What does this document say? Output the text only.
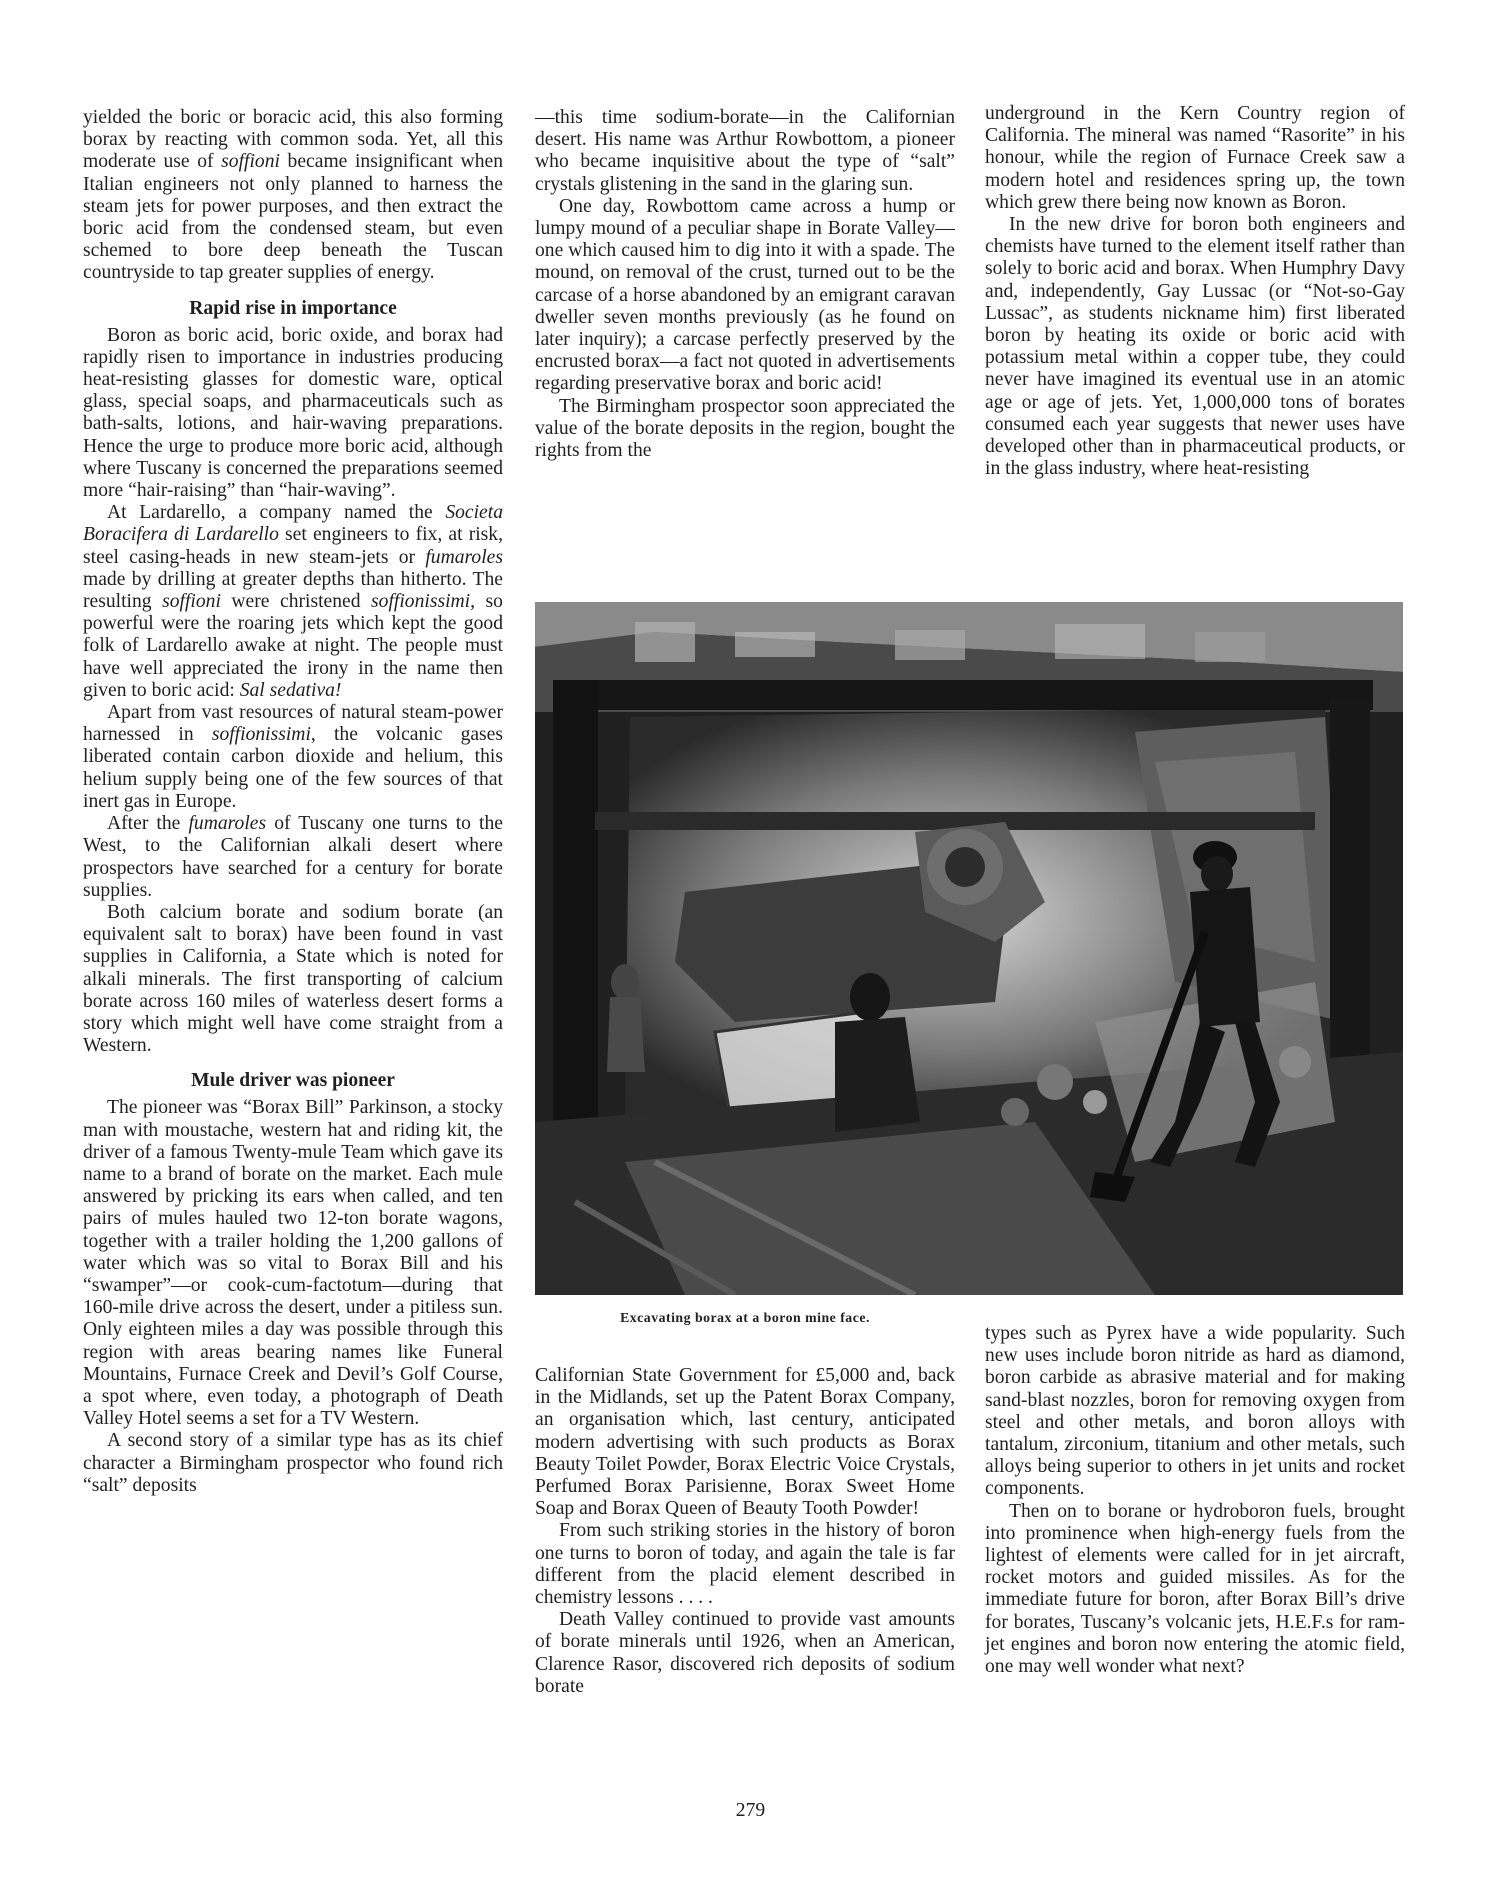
yielded the boric or boracic acid, this also forming borax by reacting with common soda. Yet, all this moderate use of soffioni became insignificant when Italian engineers not only planned to harness the steam jets for power purposes, and then extract the boric acid from the condensed steam, but even schemed to bore deep beneath the Tuscan countryside to tap greater supplies of energy.

Rapid rise in importance

Boron as boric acid, boric oxide, and borax had rapidly risen to importance in industries producing heat-resisting glasses for domestic ware, optical glass, special soaps, and pharmaceuticals such as bath-salts, lotions, and hair-waving preparations. Hence the urge to produce more boric acid, although where Tuscany is concerned the preparations seemed more “hair-raising” than “hair-waving”.

At Lardarello, a company named the Societa Boracifera di Lardarello set engineers to fix, at risk, steel casing-heads in new steam-jets or fumaroles made by drilling at greater depths than hitherto. The resulting soffioni were christened soffionissimi, so powerful were the roaring jets which kept the good folk of Lardarello awake at night. The people must have well appreciated the irony in the name then given to boric acid: Sal sedativa!

Apart from vast resources of natural steam-power harnessed in soffionissimi, the volcanic gases liberated contain carbon dioxide and helium, this helium supply being one of the few sources of that inert gas in Europe.

After the fumaroles of Tuscany one turns to the West, to the Californian alkali desert where prospectors have searched for a century for borate supplies.

Both calcium borate and sodium borate (an equivalent salt to borax) have been found in vast supplies in California, a State which is noted for alkali minerals. The first transporting of calcium borate across 160 miles of waterless desert forms a story which might well have come straight from a Western.

Mule driver was pioneer

The pioneer was “Borax Bill” Parkinson, a stocky man with moustache, western hat and riding kit, the driver of a famous Twenty-mule Team which gave its name to a brand of borate on the market. Each mule answered by pricking its ears when called, and ten pairs of mules hauled two 12-ton borate wagons, together with a trailer holding the 1,200 gallons of water which was so vital to Borax Bill and his “swamper”—or cook-cum-factotum—during that 160-mile drive across the desert, under a pitiless sun. Only eighteen miles a day was possible through this region with areas bearing names like Funeral Mountains, Furnace Creek and Devil’s Golf Course, a spot where, even today, a photograph of Death Valley Hotel seems a set for a TV Western.

A second story of a similar type has as its chief character a Birmingham prospector who found rich “salt” deposits

—this time sodium-borate—in the Californian desert. His name was Arthur Rowbottom, a pioneer who became inquisitive about the type of “salt” crystals glistening in the sand in the glaring sun.

One day, Rowbottom came across a hump or lumpy mound of a peculiar shape in Borate Valley—one which caused him to dig into it with a spade. The mound, on removal of the crust, turned out to be the carcase of a horse abandoned by an emigrant caravan dweller seven months previously (as he found on later inquiry); a carcase perfectly preserved by the encrusted borax—a fact not quoted in advertisements regarding preservative borax and boric acid!

The Birmingham prospector soon appreciated the value of the borate deposits in the region, bought the rights from the

underground in the Kern Country region of California. The mineral was named “Rasorite” in his honour, while the region of Furnace Creek saw a modern hotel and residences spring up, the town which grew there being now known as Boron.

In the new drive for boron both engineers and chemists have turned to the element itself rather than solely to boric acid and borax. When Humphry Davy and, independently, Gay Lussac (or “Not-so-Gay Lussac”, as students nickname him) first liberated boron by heating its oxide or boric acid with potassium metal within a copper tube, they could never have imagined its eventual use in an atomic age or age of jets. Yet, 1,000,000 tons of borates consumed each year suggests that newer uses have developed other than in pharmaceutical products, or in the glass industry, where heat-resisting

Excavating borax at a boron mine face.

Californian State Government for £5,000 and, back in the Midlands, set up the Patent Borax Company, an organisation which, last century, anticipated modern advertising with such products as Borax Beauty Toilet Powder, Borax Electric Voice Crystals, Perfumed Borax Parisienne, Borax Sweet Home Soap and Borax Queen of Beauty Tooth Powder!

From such striking stories in the history of boron one turns to boron of today, and again the tale is far different from the placid element described in chemistry lessons . . . .

Death Valley continued to provide vast amounts of borate minerals until 1926, when an American, Clarence Rasor, discovered rich deposits of sodium borate

types such as Pyrex have a wide popularity. Such new uses include boron nitride as hard as diamond, boron carbide as abrasive material and for making sand-blast nozzles, boron for removing oxygen from steel and other metals, and boron alloys with tantalum, zirconium, titanium and other metals, such alloys being superior to others in jet units and rocket components.

Then on to borane or hydroboron fuels, brought into prominence when high-energy fuels from the lightest of elements were called for in jet aircraft, rocket motors and guided missiles. As for the immediate future for boron, after Borax Bill’s drive for borates, Tuscany’s volcanic jets, H.E.F.s for ram-jet engines and boron now entering the atomic field, one may well wonder what next?

279
